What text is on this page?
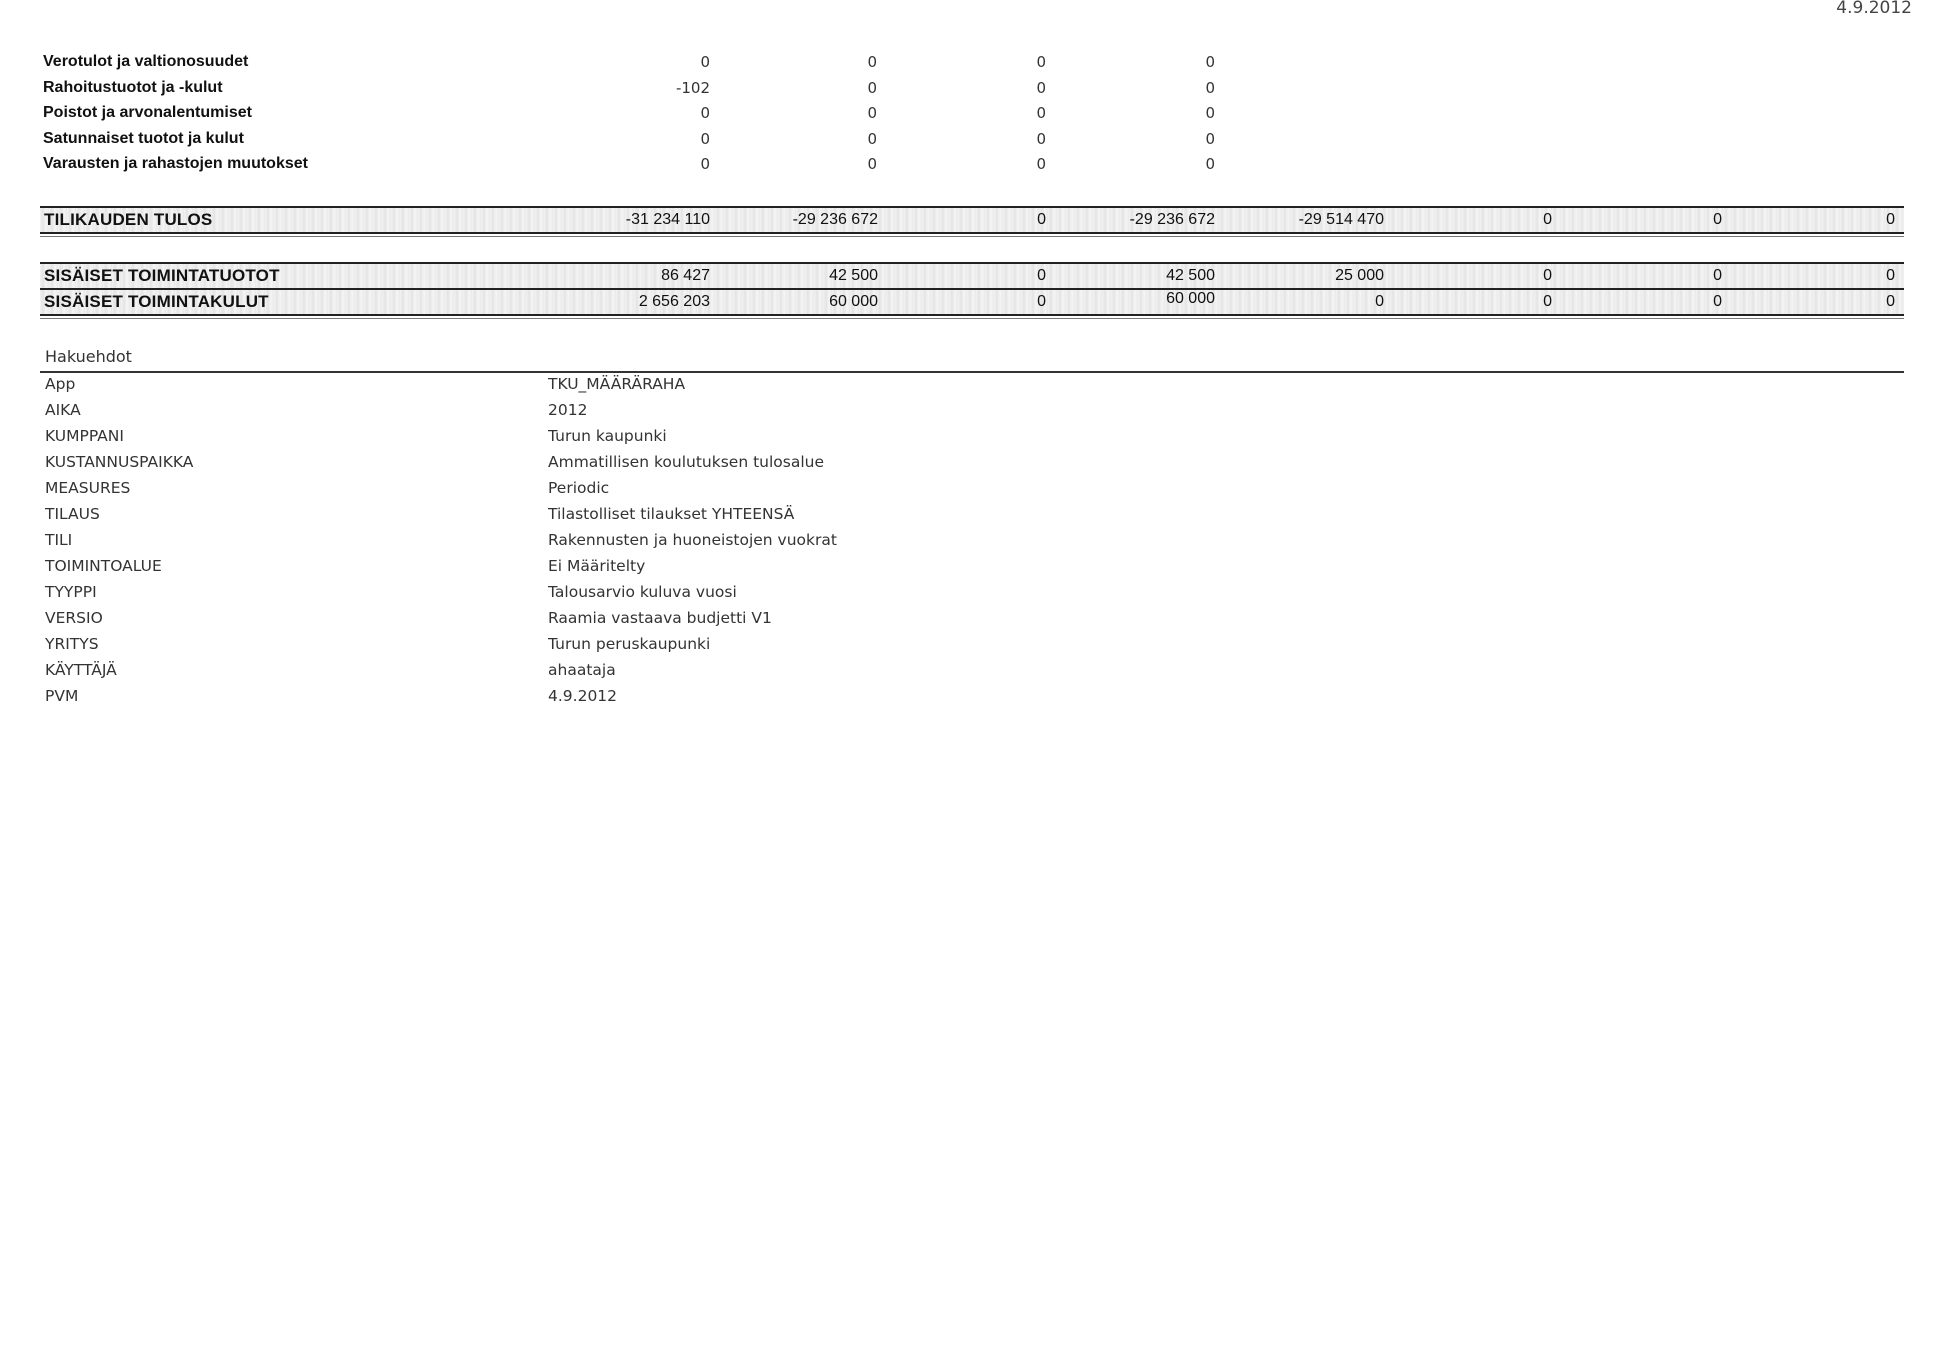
4.9.2012
Verotulot ja valtionosuudet	0	0	0	0
Rahoitustuotot ja -kulut	-102	0	0	0
Poistot ja arvonalentumiset	0	0	0	0
Satunnaiset tuotot ja kulut	0	0	0	0
Varausten ja rahastojen muutokset	0	0	0	0
TILIKAUDEN TULOS	-31 234 110	-29 236 672	0	-29 236 672	-29 514 470	0	0	0
SISÄISET TOIMINTATUOTOT	86 427	42 500	0	42 500	25 000	0	0	0
SISÄISET TOIMINTAKULUT	2 656 203	60 000	0	60 000	0	0	0	0
Hakuehdot
App	TKU_MÄÄRÄRAHA
AIKA	2012
KUMPPANI	Turun kaupunki
KUSTANNUSPAIKKA	Ammatillisen koulutuksen tulosalue
MEASURES	Periodic
TILAUS	Tilastolliset tilaukset YHTEENSÄ
TILI	Rakennusten ja huoneistojen vuokrat
TOIMINTOALUE	Ei Määritelty
TYYPPI	Talousarvio kuluva vuosi
VERSIO	Raamia vastaava budjetti V1
YRITYS	Turun peruskaupunki
KÄYTTÄJÄ	ahaataja
PVM	4.9.2012
